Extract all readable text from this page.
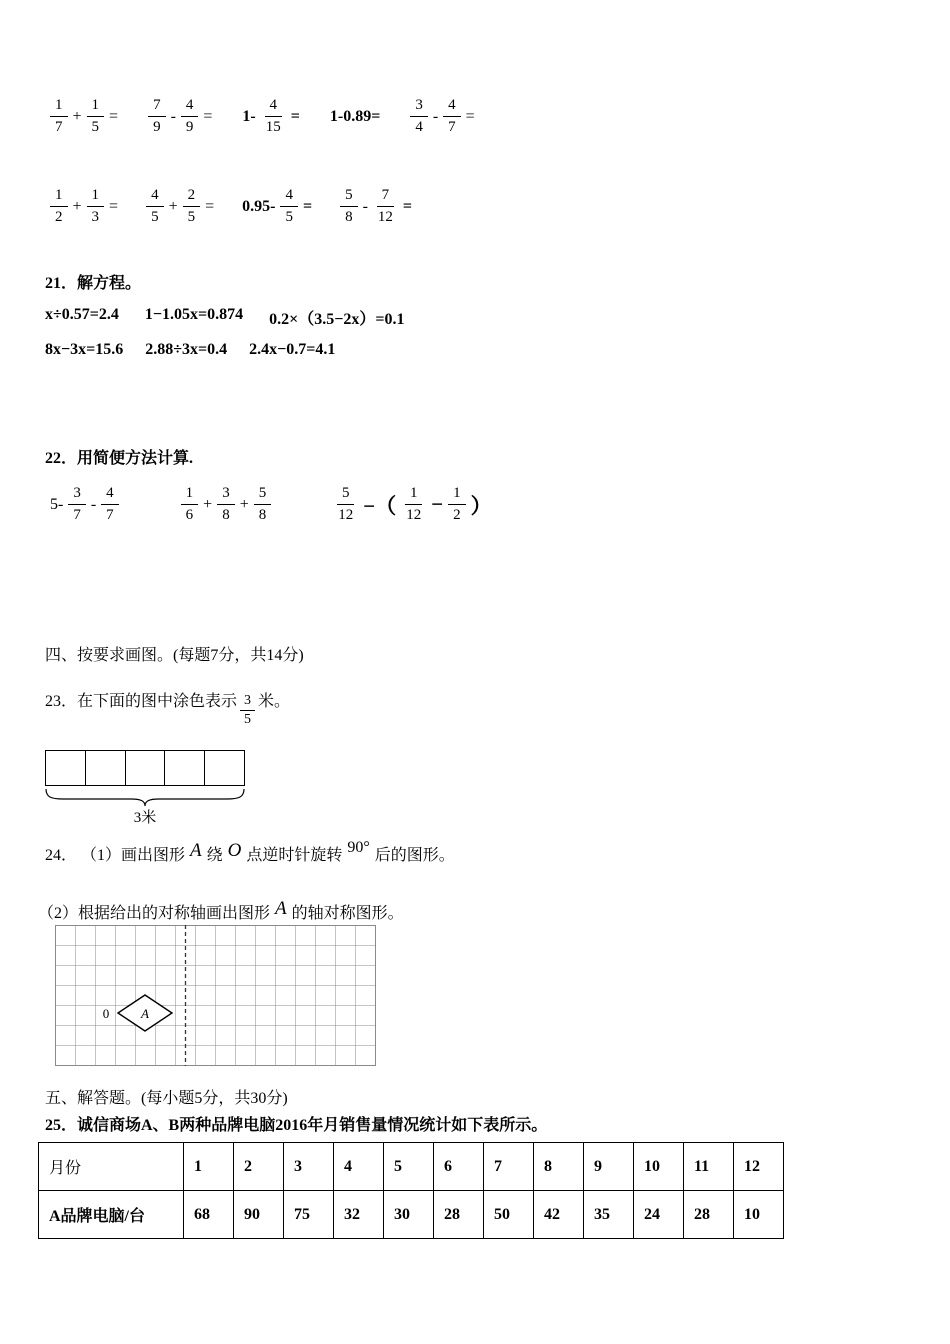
$\frac{1}{7} + \frac{1}{5} = \frac{7}{9} - \frac{4}{9} = 1- \frac{4}{15} = 1-0.89= \frac{3}{4} - \frac{4}{7}$ =
$\frac{1}{2} + \frac{1}{3} = \frac{4}{5} + \frac{2}{5} = 0.95- \frac{4}{5} = \frac{5}{8} - \frac{7}{12}$ =
21．解方程。
x÷0.57=2.4 1−1.05x=0.874 0.2×（3.5−2x）=0.1
8x−3x=15.6 2.88÷3x=0.4 2.4x−0.7=4.1
22．用简便方法计算.
$5- \frac{3}{7} - \frac{4}{7}$	$\frac{1}{6} + \frac{3}{8} + \frac{5}{8}$	$\frac{5}{12}$ −（ $\frac{1}{12} - \frac{1}{2}$ ）
四、按要求画图。(每题7分，共14分)
23．在下面的图中涂色表示 $\frac{3}{5}$ 米。
3米
24． （1）画出图形 A 绕 O 点逆时针旋转 90° 后的图形。
（2）根据给出的对称轴画出图形 A 的轴对称图形。
A
0
五、解答题。(每小题5分，共30分)
25．诚信商场A、B两种品牌电脑2016年月销售量情况统计如下表所示。
月份	1	2	3	4	5	6	7	8	9	10	11	12
A品牌电脑/台	68	90	75	32	30	28	50	42	35	24	28	10
